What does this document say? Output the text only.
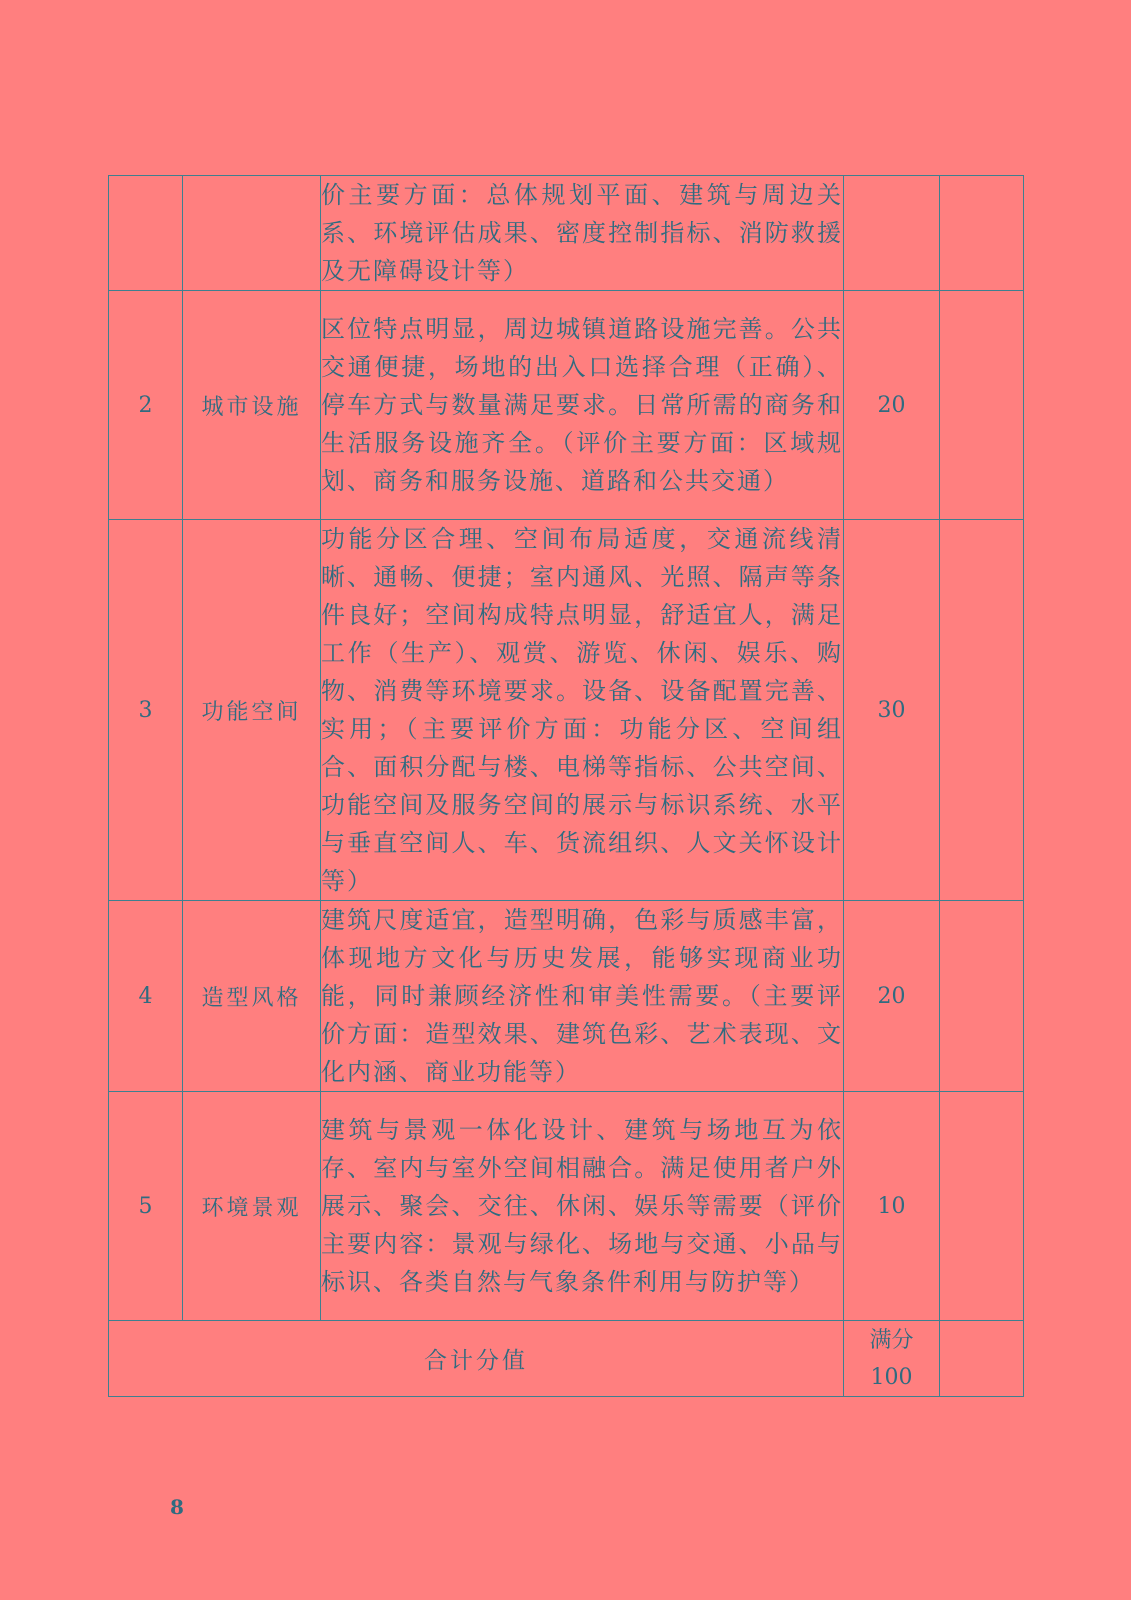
		价主要方面：总体规划平面、建筑与周边关系、环境评估成果、密度控制指标、消防救援及无障碍设计等）		
2	城市设施	区位特点明显，周边城镇道路设施完善。公共交通便捷，场地的出入口选择合理（正确）、停车方式与数量满足要求。日常所需的商务和生活服务设施齐全。（评价主要方面：区域规划、商务和服务设施、道路和公共交通）	20	
3	功能空间	功能分区合理、空间布局适度，交通流线清晰、通畅、便捷；室内通风、光照、隔声等条件良好；空间构成特点明显，舒适宜人，满足工作（生产）、观赏、游览、休闲、娱乐、购物、消费等环境要求。设备、设备配置完善、实用；（主要评价方面：功能分区、空间组合、面积分配与楼、电梯等指标、公共空间、功能空间及服务空间的展示与标识系统、水平与垂直空间人、车、货流组织、人文关怀设计等）	30	
4	造型风格	建筑尺度适宜，造型明确，色彩与质感丰富，体现地方文化与历史发展，能够实现商业功能，同时兼顾经济性和审美性需要。（主要评价方面：造型效果、建筑色彩、艺术表现、文化内涵、商业功能等）	20	
5	环境景观	建筑与景观一体化设计、建筑与场地互为依存、室内与室外空间相融合。满足使用者户外展示、聚会、交往、休闲、娱乐等需要（评价主要内容：景观与绿化、场地与交通、小品与标识、各类自然与气象条件利用与防护等）	10	
合计分值			满分
100	

8
